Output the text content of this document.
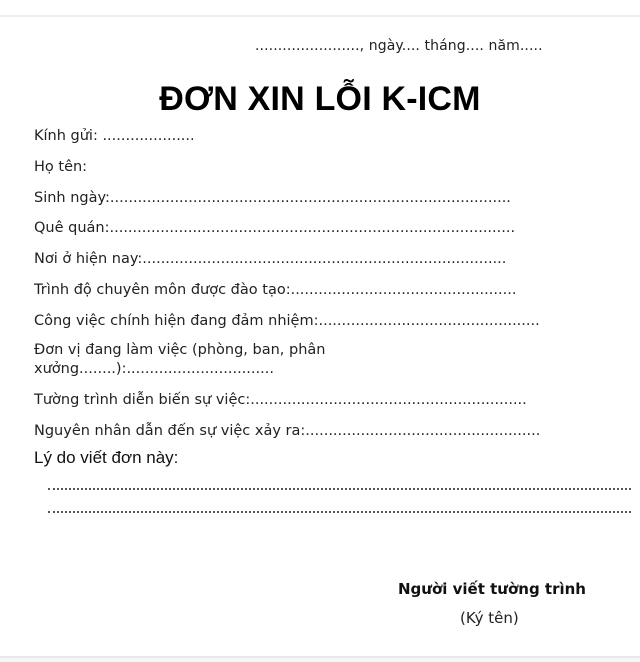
......................., ngày.... tháng.... năm.....
ĐƠN XIN LỖI K-ICM
Kính gửi: ....................
Họ tên:
Sinh ngày:.......................................................................................
Quê quán:........................................................................................
Nơi ở hiện nay:...............................................................................
Trình độ chuyên môn được đào tạo:.................................................
Công việc chính hiện đang đảm nhiệm:................................................
Đơn vị đang làm việc (phòng, ban, phân
xưởng........):................................
Tường trình diễn biến sự việc:............................................................
Nguyên nhân dẫn đến sự việc xảy ra:...................................................
Lý do viết đơn này:
Người viết tường trình
(Ký tên)
